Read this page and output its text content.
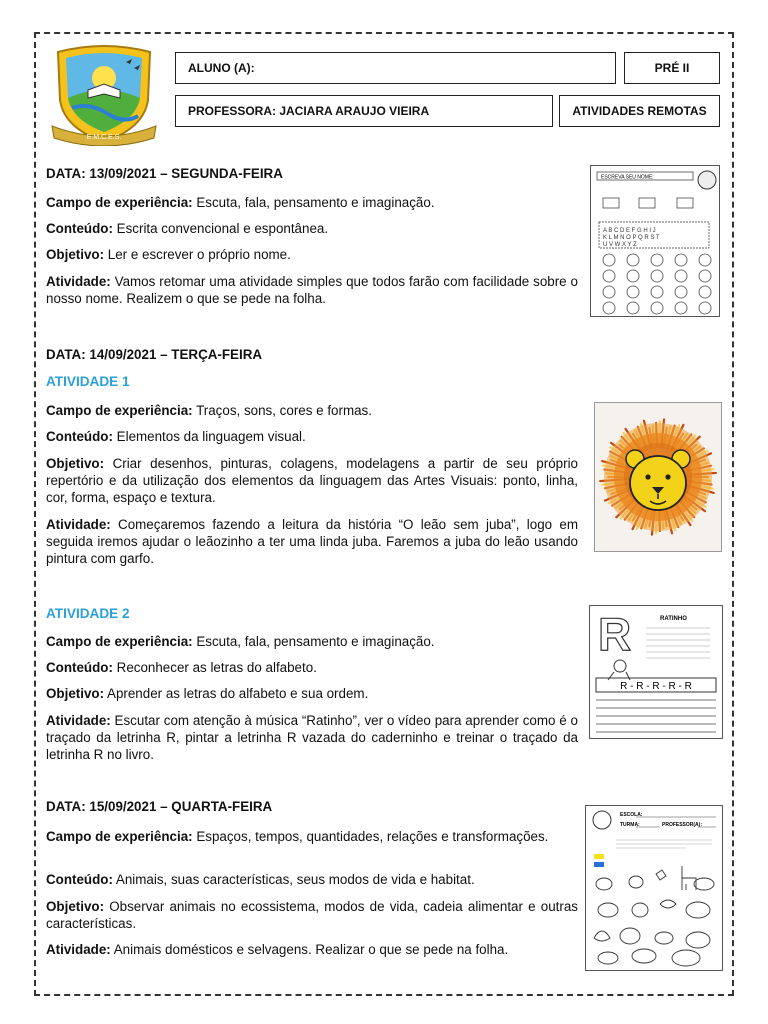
E.M.C.E.S.
ALUNO (A):	PRÉ II
PROFESSORA: JACIARA ARAUJO VIEIRA	ATIVIDADES REMOTAS

DATA: 13/09/2021 – SEGUNDA-FEIRA

Campo de experiência: Escuta, fala, pensamento e imaginação.

Conteúdo: Escrita convencional e espontânea.

Objetivo: Ler e escrever o próprio nome.

Atividade: Vamos retomar uma atividade simples que todos farão com facilidade sobre o nosso nome. Realizem o que se pede na folha.

ESCREVA SEU NOME:
A B C D E F G H I J
K L M N O P Q R S T
U V W X Y Z

DATA: 14/09/2021 – TERÇA-FEIRA

ATIVIDADE 1

Campo de experiência: Traços, sons, cores e formas.

Conteúdo: Elementos da linguagem visual.

Objetivo: Criar desenhos, pinturas, colagens, modelagens a partir de seu próprio repertório e da utilização dos elementos da linguagem das Artes Visuais: ponto, linha, cor, forma, espaço e textura.

Atividade: Começaremos fazendo a leitura da história “O leão sem juba”, logo em seguida iremos ajudar o leãozinho a ter uma linda juba. Faremos a juba do leão usando pintura com garfo.

ATIVIDADE 2

Campo de experiência: Escuta, fala, pensamento e imaginação.

Conteúdo: Reconhecer as letras do alfabeto.

Objetivo: Aprender as letras do alfabeto e sua ordem.

Atividade: Escutar com atenção à música “Ratinho”, ver o vídeo para aprender como é o traçado da letrinha R, pintar a letrinha R vazada do caderninho e treinar o traçado da letrinha R no livro.

R	RATINHO
R - R - R - R - R

DATA: 15/09/2021 – QUARTA-FEIRA

Campo de experiência: Espaços, tempos, quantidades, relações e transformações.

Conteúdo: Animais, suas características, seus modos de vida e habitat.

Objetivo: Observar animais no ecossistema, modos de vida, cadeia alimentar e outras características.

Atividade: Animais domésticos e selvagens. Realizar o que se pede na folha.

ESCOLA:
TURMA:	PROFESSOR(A):
